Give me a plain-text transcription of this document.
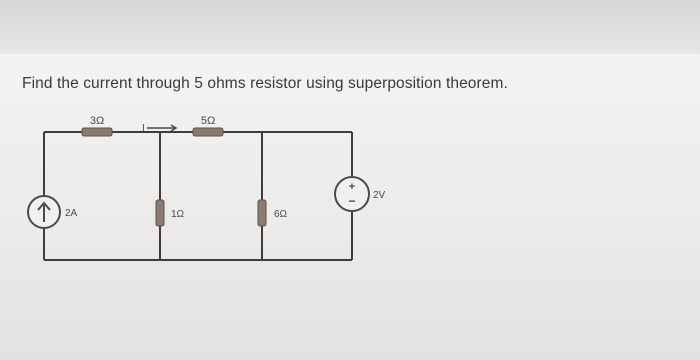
Find the current through 5 ohms resistor using superposition theorem.
+
−
3Ω	5Ω
1Ω	6Ω
2A
2V
I
